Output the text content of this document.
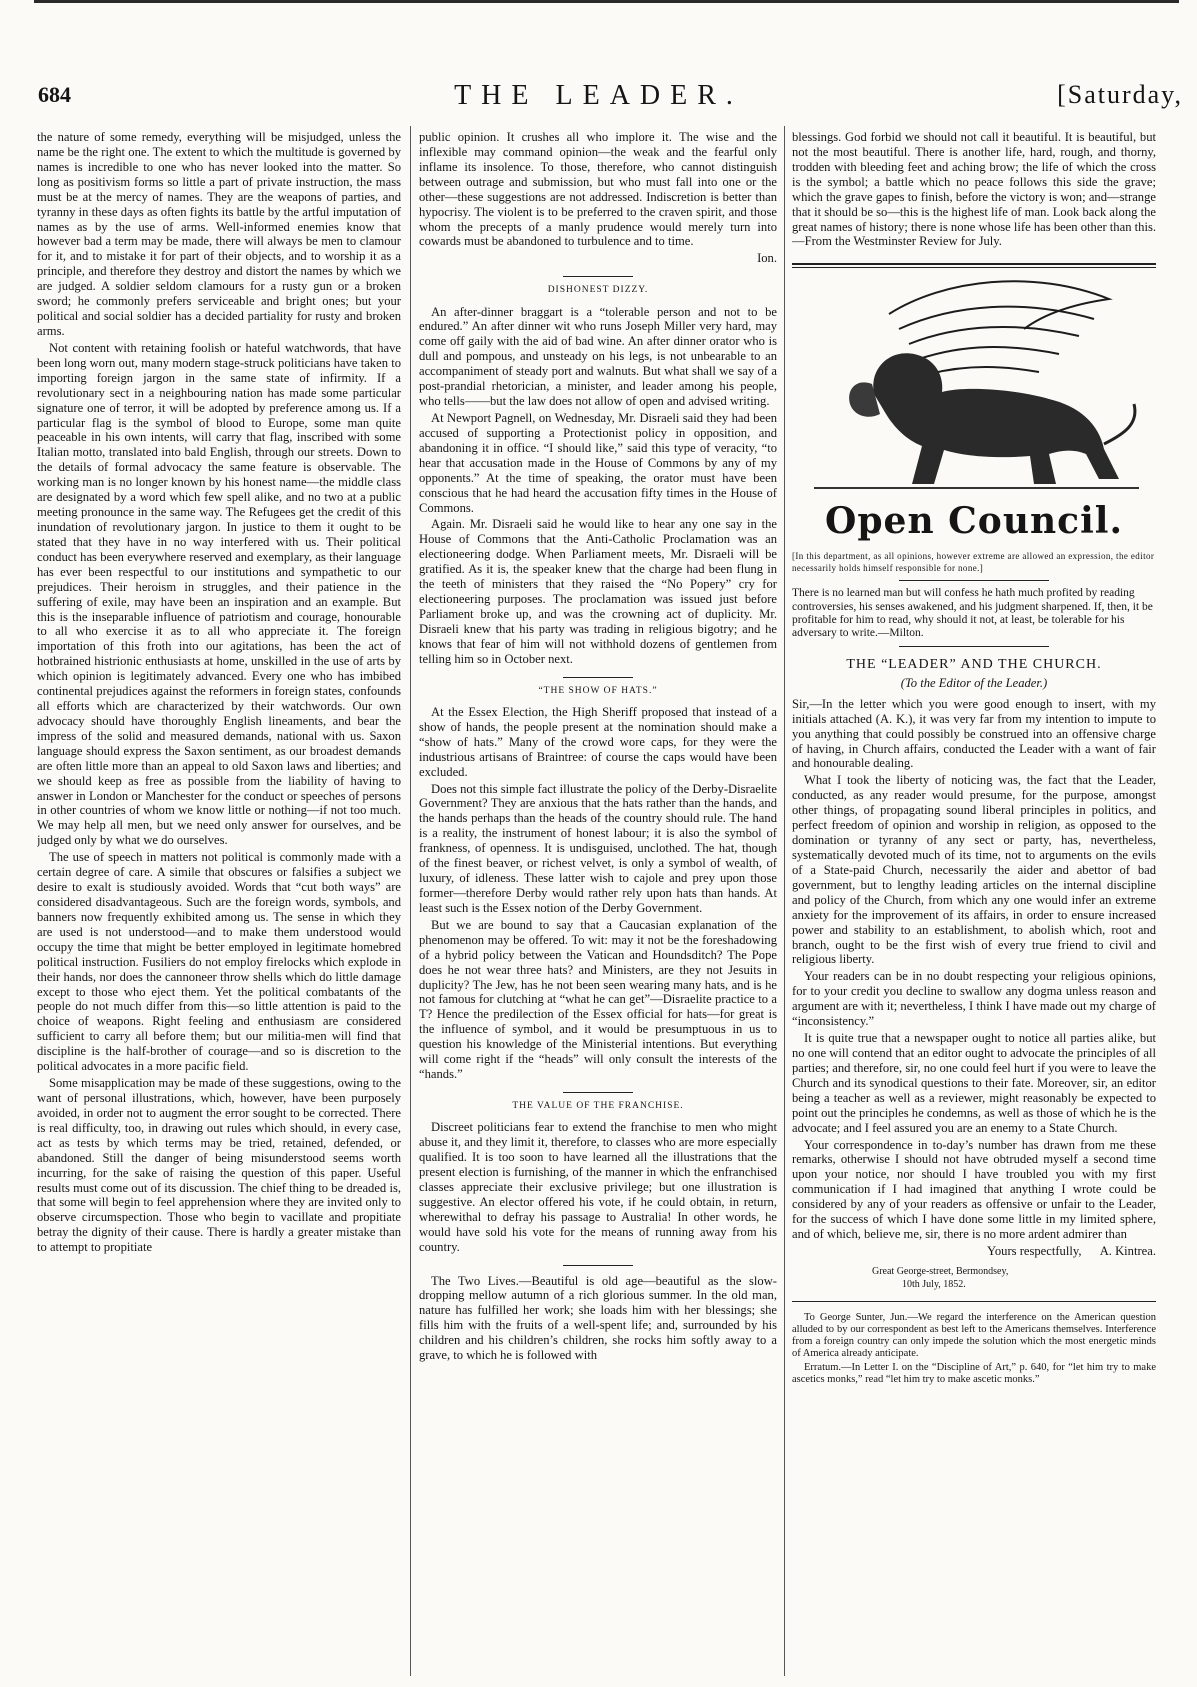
684	THE LEADER.	[Saturday,

the nature of some remedy, everything will be misjudged, unless the name be the right one. The extent to which the multitude is governed by names is incredible to one who has never looked into the matter. So long as positivism forms so little a part of private instruction, the mass must be at the mercy of names. They are the weapons of parties, and tyranny in these days as often fights its battle by the artful imputation of names as by the use of arms. Well-informed enemies know that however bad a term may be made, there will always be men to clamour for it, and to mistake it for part of their objects, and to worship it as a principle, and therefore they destroy and distort the names by which we are judged. A soldier seldom clamours for a rusty gun or a broken sword; he commonly prefers serviceable and bright ones; but your political and social soldier has a decided partiality for rusty and broken arms.

Not content with retaining foolish or hateful watchwords, that have been long worn out, many modern stage-struck politicians have taken to importing foreign jargon in the same state of infirmity. If a revolutionary sect in a neighbouring nation has made some particular signature one of terror, it will be adopted by preference among us. If a particular flag is the symbol of blood to Europe, some man quite peaceable in his own intents, will carry that flag, inscribed with some Italian motto, translated into bald English, through our streets. Down to the details of formal advocacy the same feature is observable. The working man is no longer known by his honest name—the middle class are designated by a word which few spell alike, and no two at a public meeting pronounce in the same way. The Refugees get the credit of this inundation of revolutionary jargon. In justice to them it ought to be stated that they have in no way interfered with us. Their political conduct has been everywhere reserved and exemplary, as their language has ever been respectful to our institutions and sympathetic to our prejudices. Their heroism in struggles, and their patience in the suffering of exile, may have been an inspiration and an example. But this is the inseparable influence of patriotism and courage, honourable to all who exercise it as to all who appreciate it. The foreign importation of this froth into our agitations, has been the act of hotbrained histrionic enthusiasts at home, unskilled in the use of arts by which opinion is legitimately advanced. Every one who has imbibed continental prejudices against the reformers in foreign states, confounds all efforts which are characterized by their watchwords. Our own advocacy should have thoroughly English lineaments, and bear the impress of the solid and measured demands, national with us. Saxon language should express the Saxon sentiment, as our broadest demands are often little more than an appeal to old Saxon laws and liberties; and we should keep as free as possible from the liability of having to answer in London or Manchester for the conduct or speeches of persons in other countries of whom we know little or nothing—if not too much. We may help all men, but we need only answer for ourselves, and be judged only by what we do ourselves.

The use of speech in matters not political is commonly made with a certain degree of care. A simile that obscures or falsifies a subject we desire to exalt is studiously avoided. Words that “cut both ways” are considered disadvantageous. Such are the foreign words, symbols, and banners now frequently exhibited among us. The sense in which they are used is not understood—and to make them understood would occupy the time that might be better employed in legitimate homebred political instruction. Fusiliers do not employ firelocks which explode in their hands, nor does the cannoneer throw shells which do little damage except to those who eject them. Yet the political combatants of the people do not much differ from this—so little attention is paid to the choice of weapons. Right feeling and enthusiasm are considered sufficient to carry all before them; but our militia-men will find that discipline is the half-brother of courage—and so is discretion to the political advocates in a more pacific field.

Some misapplication may be made of these suggestions, owing to the want of personal illustrations, which, however, have been purposely avoided, in order not to augment the error sought to be corrected. There is real difficulty, too, in drawing out rules which should, in every case, act as tests by which terms may be tried, retained, defended, or abandoned. Still the danger of being misunderstood seems worth incurring, for the sake of raising the question of this paper. Useful results must come out of its discussion. The chief thing to be dreaded is, that some will begin to feel apprehension where they are invited only to observe circumspection. Those who begin to vacillate and propitiate betray the dignity of their cause. There is hardly a greater mistake than to attempt to propitiate

public opinion. It crushes all who implore it. The wise and the inflexible may command opinion—the weak and the fearful only inflame its insolence. To those, therefore, who cannot distinguish between outrage and submission, but who must fall into one or the other—these suggestions are not addressed. Indiscretion is better than hypocrisy. The violent is to be preferred to the craven spirit, and those whom the precepts of a manly prudence would merely turn into cowards must be abandoned to turbulence and to time.

Ion.
DISHONEST DIZZY.

An after-dinner braggart is a “tolerable person and not to be endured.” An after dinner wit who runs Joseph Miller very hard, may come off gaily with the aid of bad wine. An after dinner orator who is dull and pompous, and unsteady on his legs, is not unbearable to an accompaniment of steady port and walnuts. But what shall we say of a post-prandial rhetorician, a minister, and leader among his people, who tells——but the law does not allow of open and advised writing.

At Newport Pagnell, on Wednesday, Mr. Disraeli said they had been accused of supporting a Protectionist policy in opposition, and abandoning it in office. “I should like,” said this type of veracity, “to hear that accusation made in the House of Commons by any of my opponents.” At the time of speaking, the orator must have been conscious that he had heard the accusation fifty times in the House of Commons.

Again. Mr. Disraeli said he would like to hear any one say in the House of Commons that the Anti-Catholic Proclamation was an electioneering dodge. When Parliament meets, Mr. Disraeli will be gratified. As it is, the speaker knew that the charge had been flung in the teeth of ministers that they raised the “No Popery” cry for electioneering purposes. The proclamation was issued just before Parliament broke up, and was the crowning act of duplicity. Mr. Disraeli knew that his party was trading in religious bigotry; and he knows that fear of him will not withhold dozens of gentlemen from telling him so in October next.

“THE SHOW OF HATS.”

At the Essex Election, the High Sheriff proposed that instead of a show of hands, the people present at the nomination should make a “show of hats.” Many of the crowd wore caps, for they were the industrious artisans of Braintree: of course the caps would have been excluded.

Does not this simple fact illustrate the policy of the Derby-Disraelite Government? They are anxious that the hats rather than the hands, and the hands perhaps than the heads of the country should rule. The hand is a reality, the instrument of honest labour; it is also the symbol of frankness, of openness. It is undisguised, unclothed. The hat, though of the finest beaver, or richest velvet, is only a symbol of wealth, of luxury, of idleness. These latter wish to cajole and prey upon those former—therefore Derby would rather rely upon hats than hands. At least such is the Essex notion of the Derby Government.

But we are bound to say that a Caucasian explanation of the phenomenon may be offered. To wit: may it not be the foreshadowing of a hybrid policy between the Vatican and Houndsditch? The Pope does he not wear three hats? and Ministers, are they not Jesuits in duplicity? The Jew, has he not been seen wearing many hats, and is he not famous for clutching at “what he can get”—Disraelite practice to a T? Hence the predilection of the Essex official for hats—for great is the influence of symbol, and it would be presumptuous in us to question his knowledge of the Ministerial intentions. But everything will come right if the “heads” will only consult the interests of the “hands.”

THE VALUE OF THE FRANCHISE.

Discreet politicians fear to extend the franchise to men who might abuse it, and they limit it, therefore, to classes who are more especially qualified. It is too soon to have learned all the illustrations that the present election is furnishing, of the manner in which the enfranchised classes appreciate their exclusive privilege; but one illustration is suggestive. An elector offered his vote, if he could obtain, in return, wherewithal to defray his passage to Australia! In other words, he would have sold his vote for the means of running away from his country.

The Two Lives.—Beautiful is old age—beautiful as the slow-dropping mellow autumn of a rich glorious summer. In the old man, nature has fulfilled her work; she loads him with her blessings; she fills him with the fruits of a well-spent life; and, surrounded by his children and his children’s children, she rocks him softly away to a grave, to which he is followed with

blessings. God forbid we should not call it beautiful. It is beautiful, but not the most beautiful. There is another life, hard, rough, and thorny, trodden with bleeding feet and aching brow; the life of which the cross is the symbol; a battle which no peace follows this side the grave; which the grave gapes to finish, before the victory is won; and—strange that it should be so—this is the highest life of man. Look back along the great names of history; there is none whose life has been other than this.—From the Westminster Review for July.

Open Council.

[In this department, as all opinions, however extreme are allowed an expression, the editor necessarily holds himself responsible for none.]

There is no learned man but will confess he hath much profited by reading controversies, his senses awakened, and his judgment sharpened. If, then, it be profitable for him to read, why should it not, at least, be tolerable for his adversary to write.—Milton.

THE “LEADER” AND THE CHURCH.
(To the Editor of the Leader.)

Sir,—In the letter which you were good enough to insert, with my initials attached (A. K.), it was very far from my intention to impute to you anything that could possibly be construed into an offensive charge of having, in Church affairs, conducted the Leader with a want of fair and honourable dealing.

What I took the liberty of noticing was, the fact that the Leader, conducted, as any reader would presume, for the purpose, amongst other things, of propagating sound liberal principles in politics, and perfect freedom of opinion and worship in religion, as opposed to the domination or tyranny of any sect or party, has, nevertheless, systematically devoted much of its time, not to arguments on the evils of a State-paid Church, necessarily the aider and abettor of bad government, but to lengthy leading articles on the internal discipline and policy of the Church, from which any one would infer an extreme anxiety for the improvement of its affairs, in order to ensure increased power and stability to an establishment, to abolish which, root and branch, ought to be the first wish of every true friend to civil and religious liberty.

Your readers can be in no doubt respecting your religious opinions, for to your credit you decline to swallow any dogma unless reason and argument are with it; nevertheless, I think I have made out my charge of “inconsistency.”

It is quite true that a newspaper ought to notice all parties alike, but no one will contend that an editor ought to advocate the principles of all parties; and therefore, sir, no one could feel hurt if you were to leave the Church and its synodical questions to their fate. Moreover, sir, an editor being a teacher as well as a reviewer, might reasonably be expected to point out the principles he condemns, as well as those of which he is the advocate; and I feel assured you are an enemy to a State Church.

Your correspondence in to-day’s number has drawn from me these remarks, otherwise I should not have obtruded myself a second time upon your notice, nor should I have troubled you with my first communication if I had imagined that anything I wrote could be considered by any of your readers as offensive or unfair to the Leader, for the success of which I have done some little in my limited sphere, and of which, believe me, sir, there is no more ardent admirer than

Yours respectfully, A. Kintrea.
Great George-street, Bermondsey,
10th July, 1852.

To George Sunter, Jun.—We regard the interference on the American question alluded to by our correspondent as best left to the Americans themselves. Interference from a foreign country can only impede the solution which the most energetic minds of America already anticipate.

Erratum.—In Letter I. on the “Discipline of Art,” p. 640, for “let him try to make ascetics monks,” read “let him try to make ascetic monks.”
